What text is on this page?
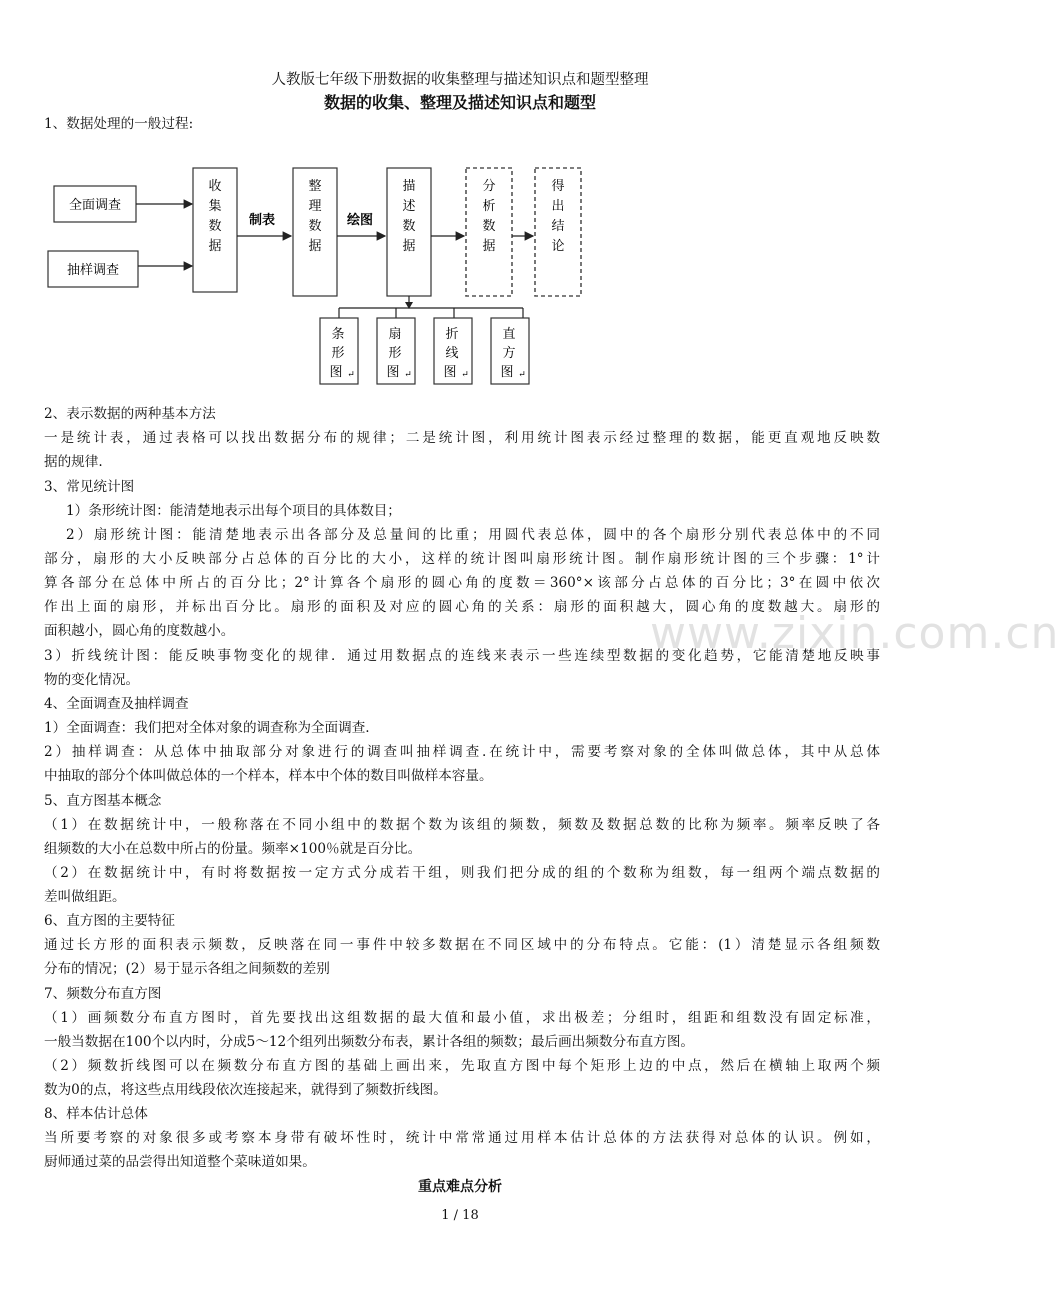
人教版七年级下册数据的收集整理与描述知识点和题型整理
数据的收集、整理及描述知识点和题型
1、数据处理的一般过程:
全面调查
抽样调查
收
集
数
据
制表
整
理
数
据
绘图
描
述
数
据
分
析
数
据
得
出
结
论
条
形
图 ↵
扇
形
图 ↵
折
线
图 ↵
直
方
图 ↵
2、表示数据的两种基本方法
一是统计表，通过表格可以找出数据分布的规律；二是统计图，利用统计图表示经过整理的数据，能更直观地反映数
据的规律.
3、常见统计图
1）条形统计图：能清楚地表示出每个项目的具体数目；
2）扇形统计图：能清楚地表示出各部分及总量间的比重；用圆代表总体，圆中的各个扇形分别代表总体中的不同
部分，扇形的大小反映部分占总体的百分比的大小，这样的统计图叫扇形统计图。制作扇形统计图的三个步骤：1°计
算各部分在总体中所占的百分比；2°计算各个扇形的圆心角的度数＝360°×该部分占总体的百分比；3°在圆中依次
作出上面的扇形，并标出百分比。扇形的面积及对应的圆心角的关系：扇形的面积越大，圆心角的度数越大。扇形的
面积越小，圆心角的度数越小。
3）折线统计图：能反映事物变化的规律．通过用数据点的连线来表示一些连续型数据的变化趋势，它能清楚地反映事
物的变化情况。
4、全面调查及抽样调查
1）全面调查：我们把对全体对象的调查称为全面调查.
2）抽样调查：从总体中抽取部分对象进行的调查叫抽样调查.在统计中，需要考察对象的全体叫做总体，其中从总体
中抽取的部分个体叫做总体的一个样本，样本中个体的数目叫做样本容量。
5、直方图基本概念
（1）在数据统计中，一般称落在不同小组中的数据个数为该组的频数，频数及数据总数的比称为频率。频率反映了各
组频数的大小在总数中所占的份量。频率×100％就是百分比。
（2）在数据统计中，有时将数据按一定方式分成若干组，则我们把分成的组的个数称为组数，每一组两个端点数据的
差叫做组距。
6、直方图的主要特征
通过长方形的面积表示频数，反映落在同一事件中较多数据在不同区域中的分布特点。它能：(1）清楚显示各组频数
分布的情况；(2）易于显示各组之间频数的差别
7、频数分布直方图
（1）画频数分布直方图时，首先要找出这组数据的最大值和最小值，求出极差；分组时，组距和组数没有固定标准，
一般当数据在100个以内时，分成5～12个组列出频数分布表，累计各组的频数；最后画出频数分布直方图。
（2）频数折线图可以在频数分布直方图的基础上画出来，先取直方图中每个矩形上边的中点，然后在横轴上取两个频
数为0的点，将这些点用线段依次连接起来，就得到了频数折线图。
8、样本估计总体
当所要考察的对象很多或考察本身带有破坏性时，统计中常常通过用样本估计总体的方法获得对总体的认识。例如，
厨师通过菜的品尝得出知道整个菜味道如果。
重点难点分析
www.zixin.com.cn
1 / 18
